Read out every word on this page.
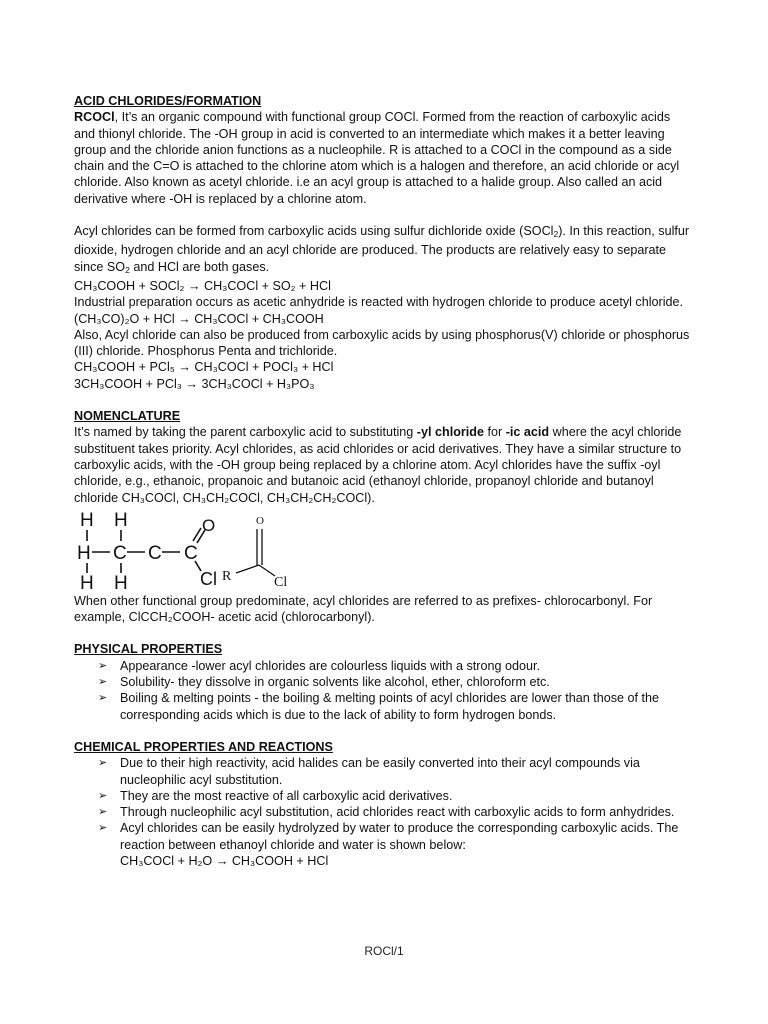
ACID CHLORIDES/FORMATION

RCOCl, It’s an organic compound with functional group COCl. Formed from the reaction of carboxylic acids and thionyl chloride. The -OH group in acid is converted to an intermediate which makes it a better leaving group and the chloride anion functions as a nucleophile. R is attached to a COCl in the compound as a side chain and the C=O is attached to the chlorine atom which is a halogen and therefore, an acid chloride or acyl chloride. Also known as acetyl chloride. i.e an acyl group is attached to a halide group. Also called an acid derivative where -OH is replaced by a chlorine atom.

Acyl chlorides can be formed from carboxylic acids using sulfur dichloride oxide (SOCl$_2$). In this reaction, sulfur dioxide, hydrogen chloride and an acyl chloride are produced. The products are relatively easy to separate since $SO_2$ and HCl are both gases.

CH₃COOH + SOCl₂ → CH₃COCl + SO₂ + HCl

Industrial preparation occurs as acetic anhydride is reacted with hydrogen chloride to produce acetyl chloride.

(CH₃CO)₂O + HCl → CH₃COCl + CH₃COOH

Also, Acyl chloride can also be produced from carboxylic acids by using phosphorus(V) chloride or phosphorus (III) chloride. Phosphorus Penta and trichloride.

CH₃COOH + PCl₅ → CH₃COCl + POCl₃ + HCl

3CH₃COOH + PCl₃ → 3CH₃COCl + H₃PO₃

NOMENCLATURE

It’s named by taking the parent carboxylic acid to substituting -yl chloride for -ic acid where the acyl chloride substituent takes priority. Acyl chlorides, as acid chlorides or acid derivatives. They have a similar structure to carboxylic acids, with the -OH group being replaced by a chlorine atom. Acyl chlorides have the suffix -oyl chloride, e.g., ethanoic, propanoic and butanoic acid (ethanoyl chloride, propanoyl chloride and butanoyl chloride CH₃COCl, CH₃CH₂COCl, CH₃CH₂CH₂COCl).

H H
H C C C
H H
O
Cl
O
R	Cl

When other functional group predominate, acyl chlorides are referred to as prefixes- chlorocarbonyl. For example, ClCCH₂COOH- acetic acid (chlorocarbonyl).

PHYSICAL PROPERTIES
➢ Appearance -lower acyl chlorides are colourless liquids with a strong odour.
➢ Solubility- they dissolve in organic solvents like alcohol, ether, chloroform etc.
➢ Boiling & melting points - the boiling & melting points of acyl chlorides are lower than those of the corresponding acids which is due to the lack of ability to form hydrogen bonds.
CHEMICAL PROPERTIES AND REACTIONS
➢ Due to their high reactivity, acid halides can be easily converted into their acyl compounds via nucleophilic acyl substitution.
➢ They are the most reactive of all carboxylic acid derivatives.
➢ Through nucleophilic acyl substitution, acid chlorides react with carboxylic acids to form anhydrides.
➢ Acyl chlorides can be easily hydrolyzed by water to produce the corresponding carboxylic acids. The reaction between ethanoyl chloride and water is shown below:
CH₃COCl + H₂O → CH₃COOH + HCl
ROCl/1
